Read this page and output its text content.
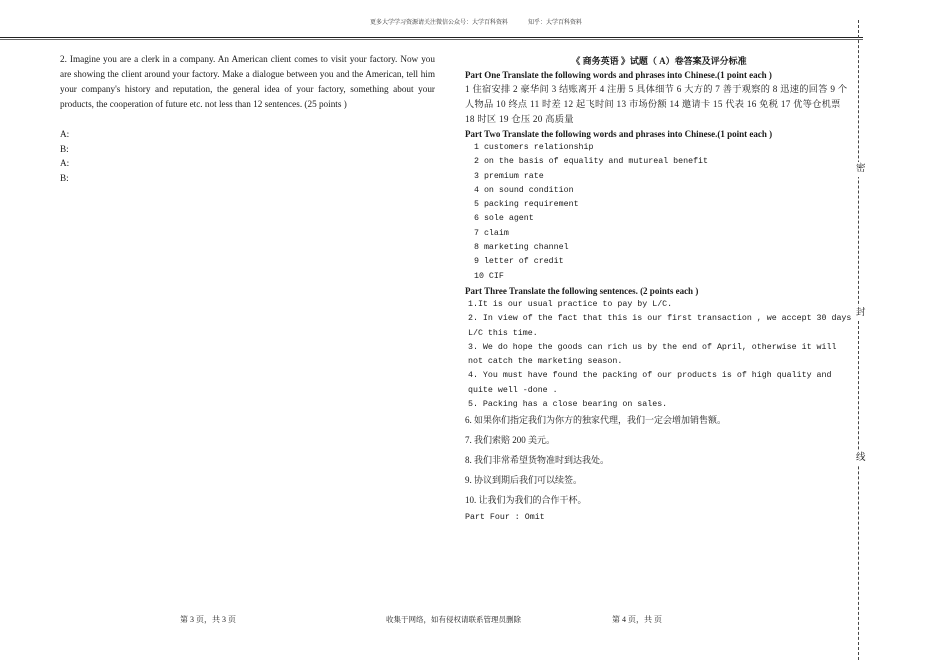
更多大学学习资源请关注微信公众号：大学百科资料	知乎：大学百科资料
2. Imagine you are a clerk in a company. An American client comes to visit your factory. Now you are showing the client around your factory. Make a dialogue between you and the American, tell him your company's history and reputation, the general idea of your factory, something about your products, the cooperation of future etc. not less than 12 sentences. (25 points )
A:
B:
A:
B:
《 商务英语 》试题（ A）卷答案及评分标准
Part One Translate the following words and phrases into Chinese.(1 point each )
1 住宿安排 2 豪华间 3 结账离开 4 注册 5 具体细节 6 大方的 7 善于观察的 8 迅速的回答 9 个人物品 10 终点 11 时差 12 起飞时间 13 市场份额 14 邀请卡 15 代表 16 免税 17 优等仓机票 18 时区 19 仓压 20 高质量
Part Two Translate the following words and phrases into Chinese.(1 point each )
1 customers relationship
2 on the basis of equality and mutureal benefit
3 premium rate
4 on sound condition
5 packing requirement
6 sole agent
7 claim
8 marketing channel
9 letter of credit
10 CIF
Part Three Translate the following sentences. (2 points each )
1.It is our usual practice to pay by L/C.
2. In view of the fact that this is our first transaction , we accept 30 days L/C this time.
3. We do hope the goods can rich us by the end of April, otherwise it will not catch the marketing season.
4. You must have found the packing of our products is of high quality and quite well -done .
5. Packing has a close bearing on sales.
6. 如果你们指定我们为你方的独家代理，我们一定会增加销售额。
7. 我们索赔 200 美元。
8. 我们非常希望货物准时到达我处。
9. 协议到期后我们可以续签。
10. 让我们为我们的合作干杯。
Part Four : Omit
第 3 页，共 3 页	收集于网络，如有侵权请联系管理员删除	第 4 页，共 页
密
封
线
